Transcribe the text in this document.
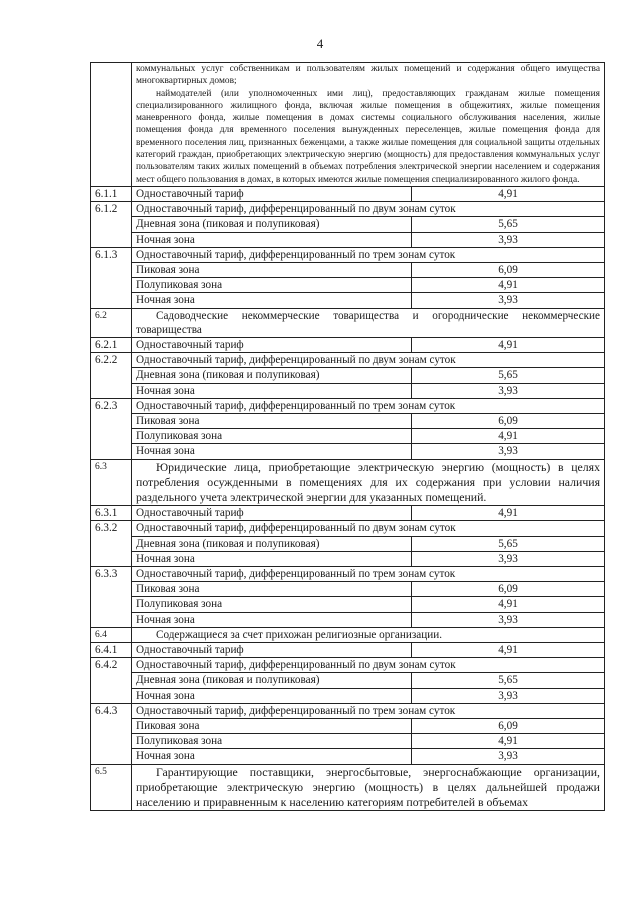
4

	коммунальных услуг собственникам и пользователям жилых помещений и содержания общего имущества многоквартирных домов;

наймодателей (или уполномоченных ими лиц), предоставляющих гражданам жилые помещения специализированного жилищного фонда, включая жилые помещения в общежитиях, жилые помещения маневренного фонда, жилые помещения в домах системы социального обслуживания населения, жилые помещения фонда для временного поселения вынужденных переселенцев, жилые помещения фонда для временного поселения лиц, признанных беженцами, а также жилые помещения для социальной защиты отдельных категорий граждан, приобретающих электрическую энергию (мощность) для предоставления коммунальных услуг пользователям таких жилых помещений в объемах потребления электрической энергии населением и содержания мест общего пользования в домах, в которых имеются жилые помещения специализированного жилого фонда.	

6.1.1	Одноставочный тариф	4,91
6.1.2	Одноставочный тариф, дифференцированный по двум зонам суток	
	Дневная зона (пиковая и полупиковая)	5,65
	Ночная зона	3,93
6.1.3	Одноставочный тариф, дифференцированный по трем зонам суток	
	Пиковая зона	6,09
	Полупиковая зона	4,91
	Ночная зона	3,93
6.2	Садоводческие некоммерческие товарищества и огороднические некоммерческие товарищества	
6.2.1	Одноставочный тариф	4,91
6.2.2	Одноставочный тариф, дифференцированный по двум зонам суток	
	Дневная зона (пиковая и полупиковая)	5,65
	Ночная зона	3,93
6.2.3	Одноставочный тариф, дифференцированный по трем зонам суток	
	Пиковая зона	6,09
	Полупиковая зона	4,91
	Ночная зона	3,93
6.3	Юридические лица, приобретающие электрическую энергию (мощность) в целях потребления осужденными в помещениях для их содержания при условии наличия раздельного учета электрической энергии для указанных помещений.	
6.3.1	Одноставочный тариф	4,91
6.3.2	Одноставочный тариф, дифференцированный по двум зонам суток	
	Дневная зона (пиковая и полупиковая)	5,65
	Ночная зона	3,93
6.3.3	Одноставочный тариф, дифференцированный по трем зонам суток	
	Пиковая зона	6,09
	Полупиковая зона	4,91
	Ночная зона	3,93
6.4	Содержащиеся за счет прихожан религиозные организации.	
6.4.1	Одноставочный тариф	4,91
6.4.2	Одноставочный тариф, дифференцированный по двум зонам суток	
	Дневная зона (пиковая и полупиковая)	5,65
	Ночная зона	3,93
6.4.3	Одноставочный тариф, дифференцированный по трем зонам суток	
	Пиковая зона	6,09
	Полупиковая зона	4,91
	Ночная зона	3,93
6.5	Гарантирующие поставщики, энергосбытовые, энергоснабжающие организации, приобретающие электрическую энергию (мощность) в целях дальнейшей продажи населению и приравненным к населению категориям потребителей в объемах	
